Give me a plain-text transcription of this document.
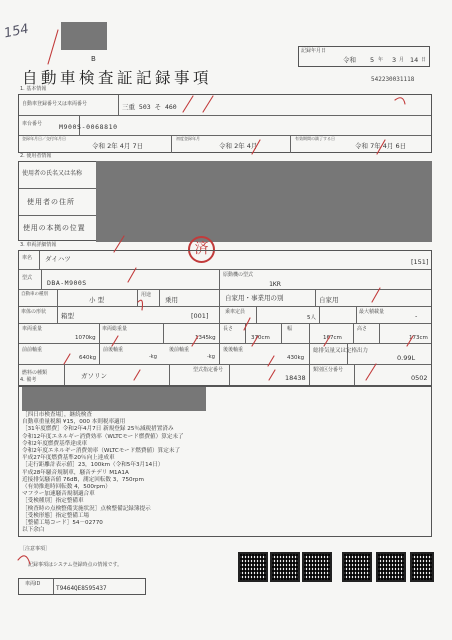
154
B
記録年月日
令和 5 年 3 月 14 日
自動車検査証記録事項	542230031118
1. 基本情報
自動車登録番号又は車両番号	三重 503 そ 460
車台番号	M900S-0068810
登録年月日／交付年月日
令和 2年 4月 7日
初度登録年月
令和 2年 4月
有効期間の満了する日
令和 7年 4月 6日
2. 使用者情報
使用者の氏名又は名称
使用者の住所
使用の本拠の位置
3. 車両詳細情報	済
車名 ダイハツ	[151]
型式
DBA-M900S
原動機の型式
1KR
自動車の種別
小 型
用途
乗用	自家用・事業用の別	自家用
車体の形状 箱型	[001]	乗車定員
5人
最大積載量	-
車両重量
1070kg
車両総重量
1345kg
長さ
370cm
幅
167cm
高さ
173cm
前前軸重
640kg
前後軸重
-kg
後前軸重
-kg
後後軸重
430kg
総排気量又は定格出力
0.99L
燃料の種類	ガソリン
型式指定番号
18438
類別区分番号
0502
4. 備考
［四日市検査場］，継続検査
自動車重量税額 ¥15，000 本則税率適用
［31年度燃費］令和2年4月7日 新規登録 25％減税措置済み
令和12年度エネルギー消費効率（WLTCモード燃費値）算定未了
令和2年度燃費基準達成車
令和2年度エネルギー消費効率（WLTCモード燃費値）算定未了
平成27年度燃費基準20％向上達成車
［走行距離計表示値］23，100km（令和5年3月14日）
平成28年騒音規制車，騒音テデリ M1A1A
近接排気騒音値 76dB，測定回転数 3，750rpm
（有効推進時回転数 4，500rpm）
マフラー加速騒音規制適合車
［受検種別］指定整備車
［検査時の点検整備実施状況］点検整備記録簿提示
［受検形態］指定整備工場
［整備工場コード］54－02770
以下余白
［注意事項］
記録事項はシステム登録時点の情報です。
車両ID
T9464QE8595437
